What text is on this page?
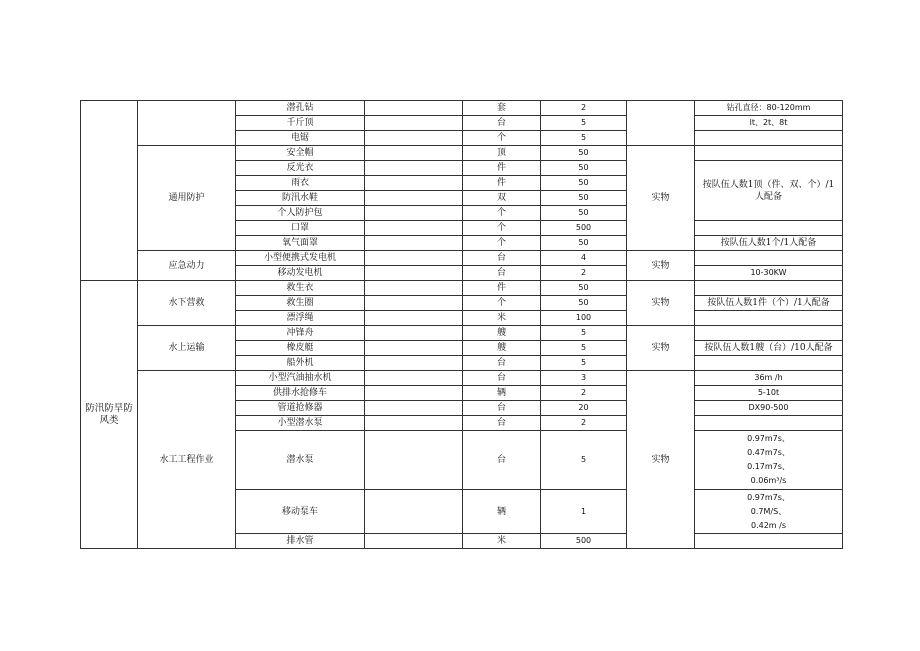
		潜孔钻		套	2		钻孔直径：80-120mm
		千斤顶		台	5		lt、2t、8t
		电锯		个	5		
	通用防护	安全帽		顶	50	实物	
		反光衣		件	50		按队伍人数1顶（件、双、个）/1人配备
		雨衣		件	50		
		防汛水鞋		双	50		
		个人防护包		个	50		
		口罩		个	500		
		氧气面罩		个	50		按队伍人数1个/1人配备
	应急动力	小型便携式发电机		台	4	实物	
		移动发电机		台	2		10-30KW
防汛防旱防风类	水下营救	救生衣		件	50	实物	
		救生圈		个	50		按队伍人数1件（个）/1人配备
		漂浮绳		米	100		
	水上运输	冲锋舟		艘	5	实物	
		橡皮艇		艘	5		按队伍人数1艘（台）/10人配备
		船外机		台	5		
	水工工程作业	小型汽油抽水机		台	3	实物	36m /h
		供排水抢修车		辆	2		5-10t
		管道抢修器		台	20		DX90-500
		小型潜水泵		台	2		
		潜水泵		台	5		0.97m7s、
0.47m7s、
0.17m7s、
0.06m³/s

		移动泵车		辆	1		0.97m7s、
0.7M/S、
0.42m /s

		排水管		米	500		
